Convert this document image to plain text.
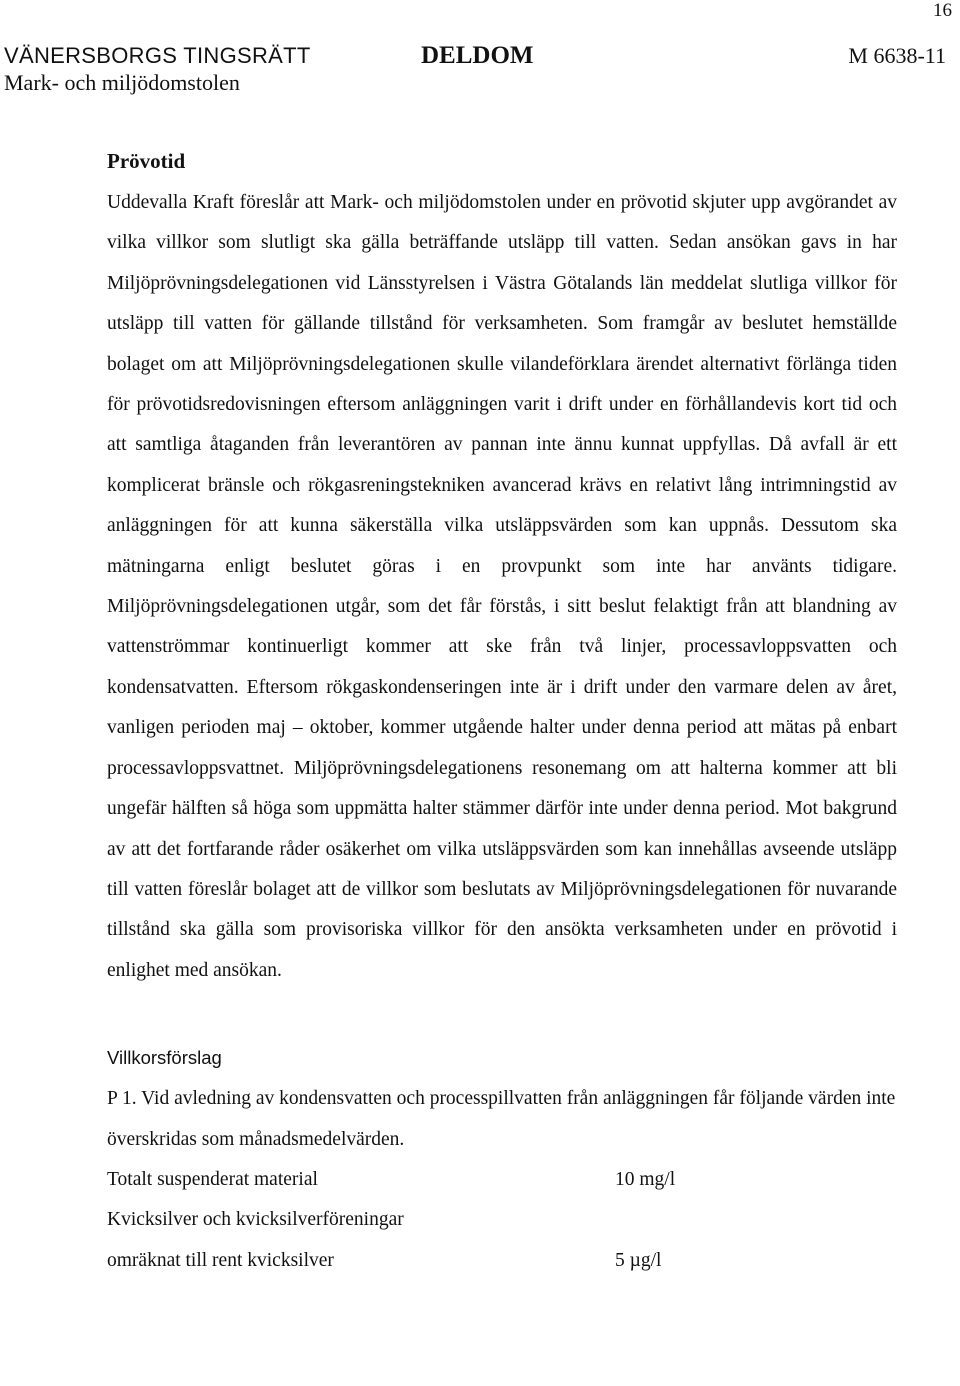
16
VÄNERSBORGS TINGSRÄTT
Mark- och miljödomstolen
DELDOM	M 6638-11
Prövotid

Uddevalla Kraft föreslår att Mark- och miljödomstolen under en prövotid skjuter upp avgörandet av vilka villkor som slutligt ska gälla beträffande utsläpp till vatten. Sedan ansökan gavs in har Miljöprövningsdelegationen vid Länsstyrelsen i Västra Götalands län meddelat slutliga villkor för utsläpp till vatten för gällande tillstånd för verksamheten. Som framgår av beslutet hemställde bolaget om att Miljöprövningsdelegationen skulle vilandeförklara ärendet alternativt förlänga tiden för prövotidsredovisningen eftersom anläggningen varit i drift under en förhållandevis kort tid och att samtliga åtaganden från leverantören av pannan inte ännu kunnat uppfyllas. Då avfall är ett komplicerat bränsle och rökgasreningstekniken avancerad krävs en relativt lång intrimningstid av anläggningen för att kunna säkerställa vilka utsläppsvärden som kan uppnås. Dessutom ska mätningarna enligt beslutet göras i en provpunkt som inte har använts tidigare. Miljöprövningsdelegationen utgår, som det får förstås, i sitt beslut felaktigt från att blandning av vattenströmmar kontinuerligt kommer att ske från två linjer, processavloppsvatten och kondensatvatten. Eftersom rökgaskondenseringen inte är i drift under den varmare delen av året, vanligen perioden maj – oktober, kommer utgående halter under denna period att mätas på enbart processavloppsvattnet. Miljöprövningsdelegationens resonemang om att halterna kommer att bli ungefär hälften så höga som uppmätta halter stämmer därför inte under denna period. Mot bakgrund av att det fortfarande råder osäkerhet om vilka utsläppsvärden som kan innehållas avseende utsläpp till vatten föreslår bolaget att de villkor som beslutats av Miljöprövningsdelegationen för nuvarande tillstånd ska gälla som provisoriska villkor för den ansökta verksamheten under en prövotid i enlighet med ansökan.

Villkorsförslag

P 1. Vid avledning av kondensvatten och processpillvatten från anläggningen får följande värden inte överskridas som månadsmedelvärden.

Totalt suspenderat material	10 mg/l
Kvicksilver och kvicksilverföreningar
omräknat till rent kvicksilver	5 µg/l
